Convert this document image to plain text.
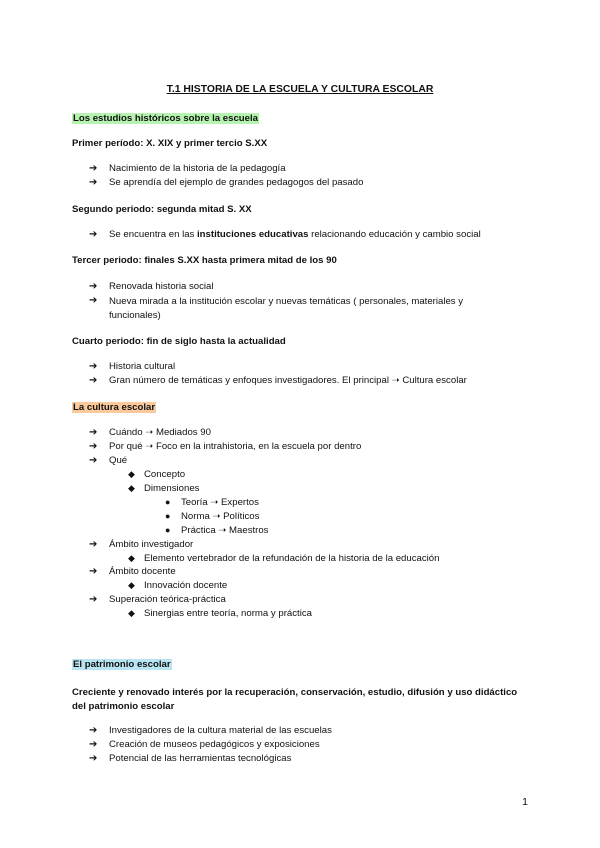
T.1 HISTORIA DE LA ESCUELA Y CULTURA ESCOLAR
Los estudios históricos sobre la escuela
Primer período: X. XIX y primer tercio S.XX
➔	Nacimiento de la historia de la pedagogía
➔	Se aprendía del ejemplo de grandes pedagogos del pasado
Segundo periodo: segunda mitad S. XX
➔	Se encuentra en las instituciones educativas relacionando educación y cambio social
Tercer periodo: finales S.XX hasta primera mitad de los 90
➔	Renovada historia social
➔	Nueva mirada a la institución escolar y nuevas temáticas ( personales, materiales y funcionales)
Cuarto periodo: fin de siglo hasta la actualidad
➔	Historia cultural
➔	Gran número de temáticas y enfoques investigadores. El principal ➝ Cultura escolar
La cultura escolar
➔	Cuándo ➝ Mediados 90
➔	Por qué ➝ Foco en la intrahistoria, en la escuela por dentro
➔	Qué
◆ Concepto
◆ Dimensiones
●	Teoría ➝ Expertos
●	Norma ➝ Políticos
●	Práctica ➝ Maestros
➔	Ámbito investigador
◆ Elemento vertebrador de la refundación de la historia de la educación
➔	Ámbito docente
◆ Innovación docente
➔	Superación teórica-práctica
◆ Sinergias entre teoría, norma y práctica
El patrimonio escolar
Creciente y renovado interés por la recuperación, conservación, estudio, difusión y uso didáctico del patrimonio escolar
➔	Investigadores de la cultura material de las escuelas
➔	Creación de museos pedagógicos y exposiciones
➔	Potencial de las herramientas tecnológicas
1
